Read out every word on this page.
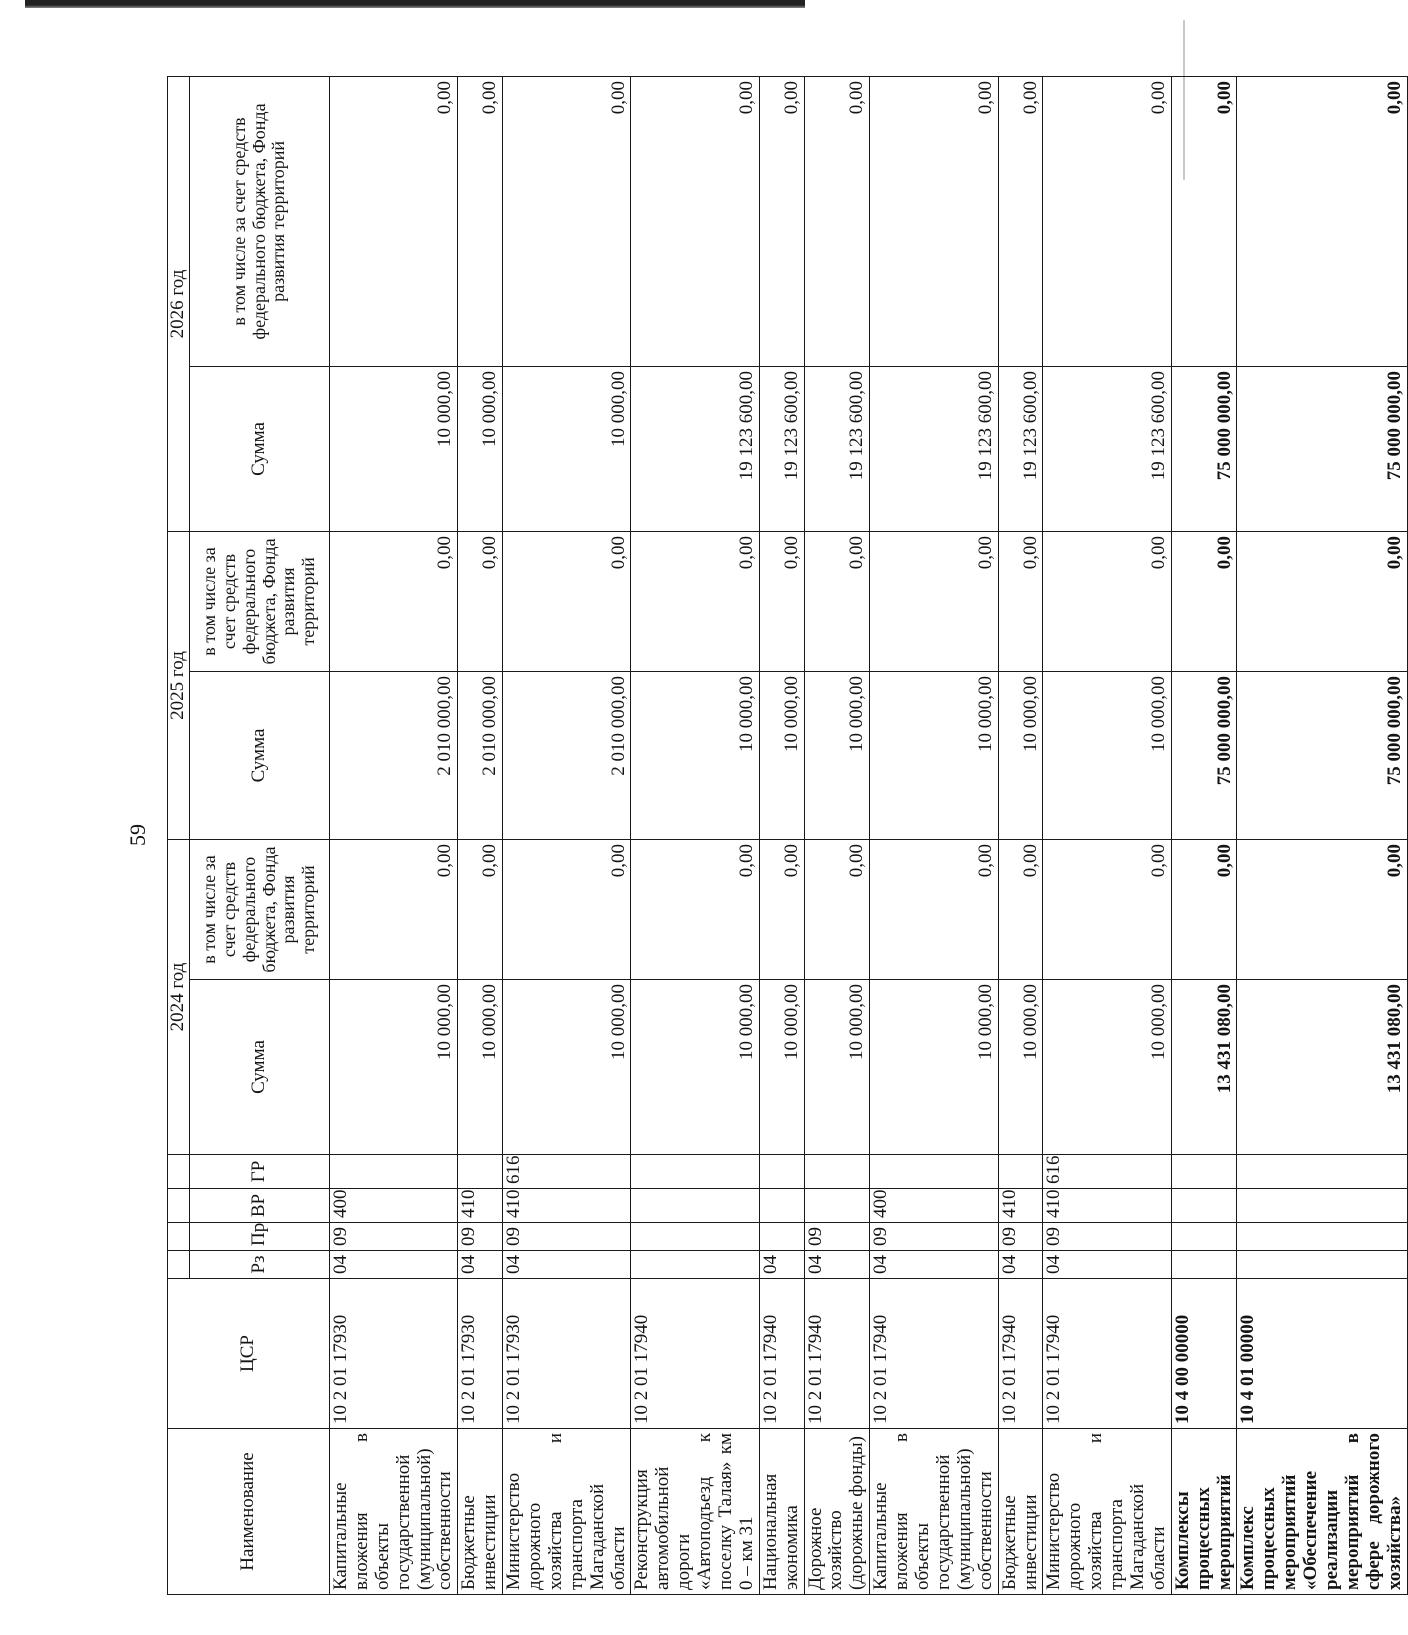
59
Наименование	ЦСР					2024 год		2025 год		2026 год	
		Рз	Пр	ВР	ГР	Сумма	в том числе за счет средств федерального бюджета, Фонда развития территорий	Сумма	в том числе за счет средств федерального бюджета, Фонда развития территорий	Сумма	в том числе за счет средств федерального бюджета, Фонда развития территорий
Капитальные вложения в объекты государственной (муниципальной) собственности	10 2 01 17930	04	09	400		10 000,00	0,00	2 010 000,00	0,00	10 000,00	0,00
Бюджетные инвестиции	10 2 01 17930	04	09	410		10 000,00	0,00	2 010 000,00	0,00	10 000,00	0,00
Министерство дорожного хозяйства и транспорта Магаданской области	10 2 01 17930	04	09	410	616	10 000,00	0,00	2 010 000,00	0,00	10 000,00	0,00
Реконструкция автомобильной дороги «Автоподъезд к поселку Талая» км 0 – км 31	10 2 01 17940					10 000,00	0,00	10 000,00	0,00	19 123 600,00	0,00
Национальная экономика	10 2 01 17940	04				10 000,00	0,00	10 000,00	0,00	19 123 600,00	0,00
Дорожное хозяйство (дорожные фонды)	10 2 01 17940	04	09			10 000,00	0,00	10 000,00	0,00	19 123 600,00	0,00
Капитальные вложения в объекты государственной (муниципальной) собственности	10 2 01 17940	04	09	400		10 000,00	0,00	10 000,00	0,00	19 123 600,00	0,00
Бюджетные инвестиции	10 2 01 17940	04	09	410		10 000,00	0,00	10 000,00	0,00	19 123 600,00	0,00
Министерство дорожного хозяйства и транспорта Магаданской области	10 2 01 17940	04	09	410	616	10 000,00	0,00	10 000,00	0,00	19 123 600,00	0,00
Комплексы процессных мероприятий	10 4 00 00000					13 431 080,00	0,00	75 000 000,00	0,00	75 000 000,00	0,00
Комплекс процессных мероприятий «Обеспечение реализации мероприятий в сфере дорожного хозяйства»	10 4 01 00000					13 431 080,00	0,00	75 000 000,00	0,00	75 000 000,00	0,00
